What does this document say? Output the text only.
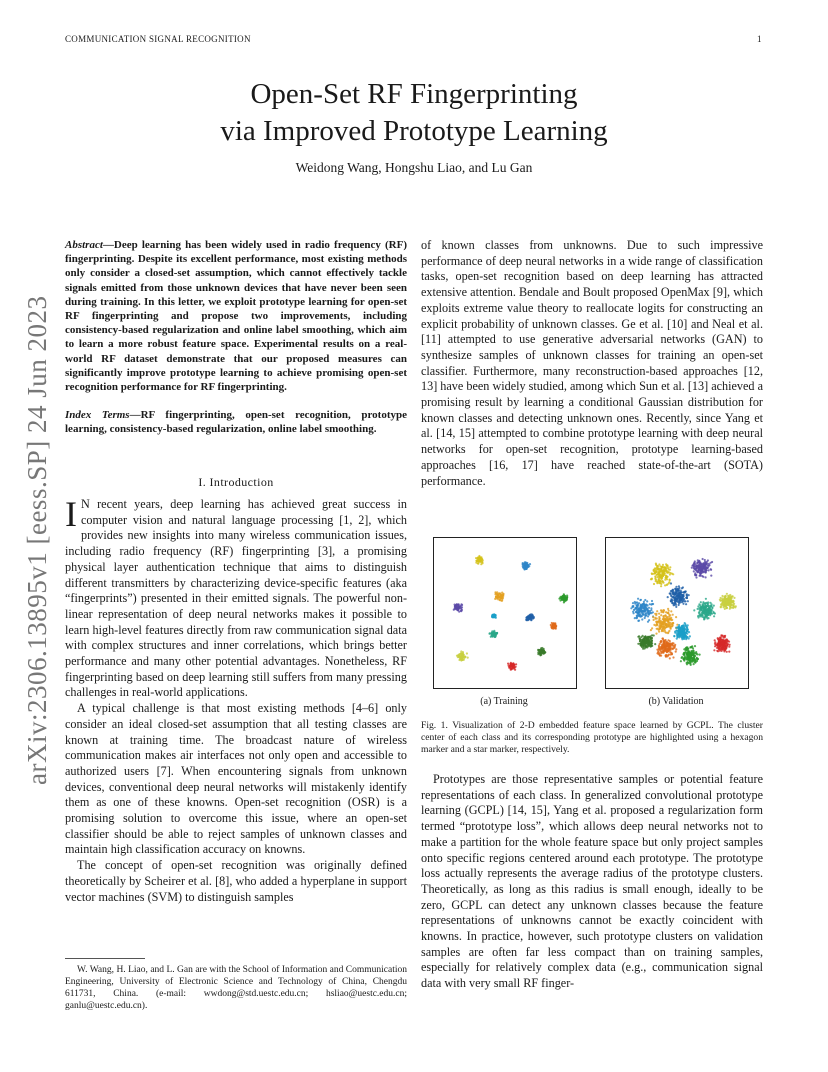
COMMUNICATION SIGNAL RECOGNITION	1
arXiv:2306.13895v1 [eess.SP] 24 Jun 2023
Open-Set RF Fingerprinting
via Improved Prototype Learning
Weidong Wang, Hongshu Liao, and Lu Gan
Abstract—Deep learning has been widely used in radio frequency (RF) fingerprinting. Despite its excellent performance, most existing methods only consider a closed-set assumption, which cannot effectively tackle signals emitted from those unknown devices that have never been seen during training. In this letter, we exploit prototype learning for open-set RF fingerprinting and propose two improvements, including consistency-based regularization and online label smoothing, which aim to learn a more robust feature space. Experimental results on a real-world RF dataset demonstrate that our proposed measures can significantly improve prototype learning to achieve promising open-set recognition performance for RF fingerprinting.
Index Terms—RF fingerprinting, open-set recognition, prototype learning, consistency-based regularization, online label smoothing.
I. Introduction

I N recent years, deep learning has achieved great success in computer vision and natural language processing [1, 2], which provides new insights into many wireless communication issues, including radio frequency (RF) fingerprinting [3], a promising physical layer authentication technique that aims to distinguish different transmitters by characterizing device-specific features (aka “fingerprints”) presented in their emitted signals. The powerful non-linear representation of deep neural networks makes it possible to learn high-level features directly from raw communication signal data with complex structures and inner correlations, which brings better performance and many other potential advantages. Nonetheless, RF fingerprinting based on deep learning still suffers from many pressing challenges in real-world applications.

A typical challenge is that most existing methods [4–6] only consider an ideal closed-set assumption that all testing classes are known at training time. The broadcast nature of wireless communication makes air interfaces not only open and accessible to authorized users [7]. When encountering signals from unknown devices, conventional deep neural networks will mistakenly identify them as one of these knowns. Open-set recognition (OSR) is a promising solution to overcome this issue, where an open-set classifier should be able to reject samples of unknown classes and maintain high classification accuracy on knowns.

The concept of open-set recognition was originally defined theoretically by Scheirer et al. [8], who added a hyperplane in support vector machines (SVM) to distinguish samples

W. Wang, H. Liao, and L. Gan are with the School of Information and Communication Engineering, University of Electronic Science and Technology of China, Chengdu 611731, China. (e-mail: wwdong@std.uestc.edu.cn; hsliao@uestc.edu.cn; ganlu@uestc.edu.cn).
of known classes from unknowns. Due to such impressive performance of deep neural networks in a wide range of classification tasks, open-set recognition based on deep learning has attracted extensive attention. Bendale and Boult proposed OpenMax [9], which exploits extreme value theory to reallocate logits for constructing an explicit probability of unknown classes. Ge et al. [10] and Neal et al. [11] attempted to use generative adversarial networks (GAN) to synthesize samples of unknown classes for training an open-set classifier. Furthermore, many reconstruction-based approaches [12, 13] have been widely studied, among which Sun et al. [13] achieved a promising result by learning a conditional Gaussian distribution for known classes and detecting unknown ones. Recently, since Yang et al. [14, 15] attempted to combine prototype learning with deep neural networks for open-set recognition, prototype learning-based approaches [16, 17] have reached state-of-the-art (SOTA) performance.
(a) Training	(b) Validation
Fig. 1. Visualization of 2-D embedded feature space learned by GCPL. The cluster center of each class and its corresponding prototype are highlighted using a hexagon marker and a star marker, respectively.
Prototypes are those representative samples or potential feature representations of each class. In generalized convolutional prototype learning (GCPL) [14, 15], Yang et al. proposed a regularization form termed “prototype loss”, which allows deep neural networks not to make a partition for the whole feature space but only project samples onto specific regions centered around each prototype. The prototype loss actually represents the average radius of the prototype clusters. Theoretically, as long as this radius is small enough, ideally to be zero, GCPL can detect any unknown classes because the feature representations of unknowns cannot be exactly coincident with knowns. In practice, however, such prototype clusters on validation samples are often far less compact than on training samples, especially for relatively complex data (e.g., communication signal data with very small RF finger-
